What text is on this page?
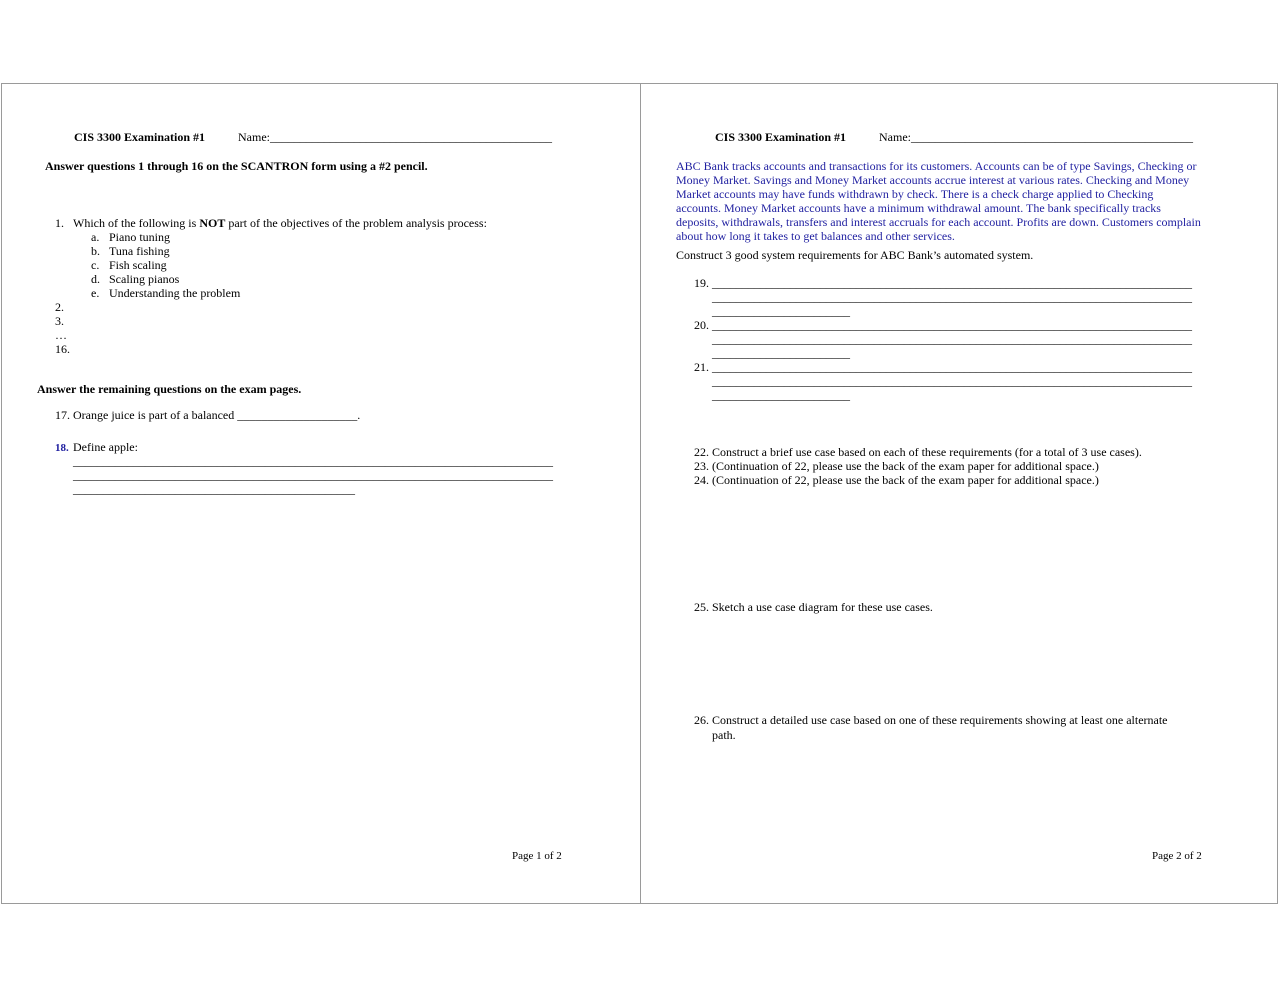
CIS 3300 Examination #1	Name:_______________________________________________
Answer questions 1 through 16 on the SCANTRON form using a #2 pencil.
1. Which of the following is NOT part of the objectives of the problem analysis process:
a. Piano tuning
b. Tuna fishing
c. Fish scaling
d. Scaling pianos
e. Understanding the problem
2.
3.
…
16.
Answer the remaining questions on the exam pages.
17. Orange juice is part of a balanced ____________________.
18. Define apple:
________________________________________________________________________________
________________________________________________________________________________
_______________________________________________
Page 1 of 2
CIS 3300 Examination #1	Name:_______________________________________________
ABC Bank tracks accounts and transactions for its customers. Accounts can be of type Savings, Checking or Money Market. Savings and Money Market accounts accrue interest at various rates. Checking and Money Market accounts may have funds withdrawn by check. There is a check charge applied to Checking accounts. Money Market accounts have a minimum withdrawal amount. The bank specifically tracks deposits, withdrawals, transfers and interest accruals for each account. Profits are down. Customers complain about how long it takes to get balances and other services.
Construct 3 good system requirements for ABC Bank’s automated system.
19. ________________________________________________________________________________
________________________________________________________________________________
_______________________
20. ________________________________________________________________________________
________________________________________________________________________________
_______________________
21. ________________________________________________________________________________
________________________________________________________________________________
_______________________
22. Construct a brief use case based on each of these requirements (for a total of 3 use cases).
23. (Continuation of 22, please use the back of the exam paper for additional space.)
24. (Continuation of 22, please use the back of the exam paper for additional space.)
25. Sketch a use case diagram for these use cases.
26. Construct a detailed use case based on one of these requirements showing at least one alternate
path.
Page 2 of 2
